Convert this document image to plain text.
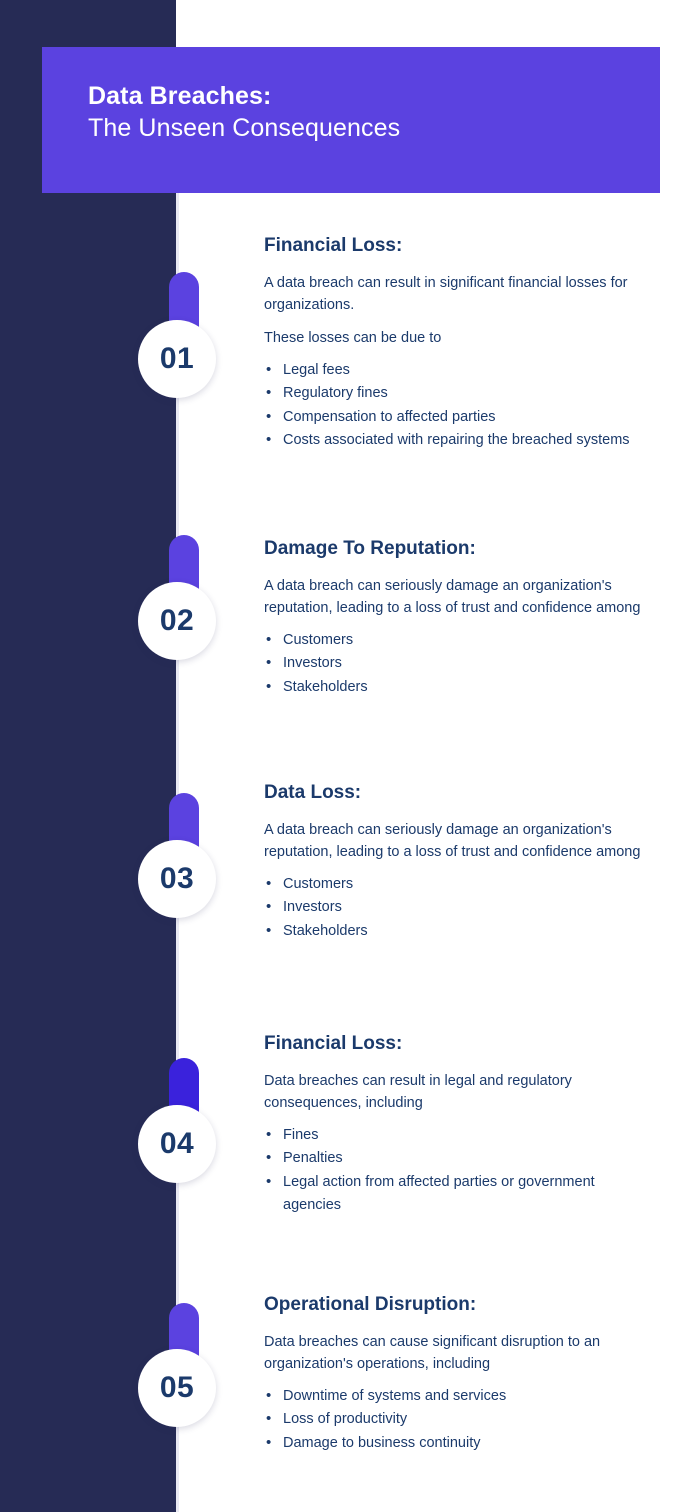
Data Breaches:
The Unseen Consequences
01
Financial Loss:
A data breach can result in significant financial losses for organizations.
These losses can be due to
• Legal fees
• Regulatory fines
• Compensation to affected parties
• Costs associated with repairing the breached systems
02
Damage To Reputation:
A data breach can seriously damage an organization's reputation, leading to a loss of trust and confidence among
• Customers
• Investors
• Stakeholders
03
Data Loss:
A data breach can seriously damage an organization's reputation, leading to a loss of trust and confidence among
• Customers
• Investors
• Stakeholders
04
Financial Loss:
Data breaches can result in legal and regulatory consequences, including
• Fines
• Penalties
• Legal action from affected parties or government agencies
05
Operational Disruption:
Data breaches can cause significant disruption to an organization's operations, including
• Downtime of systems and services
• Loss of productivity
• Damage to business continuity
